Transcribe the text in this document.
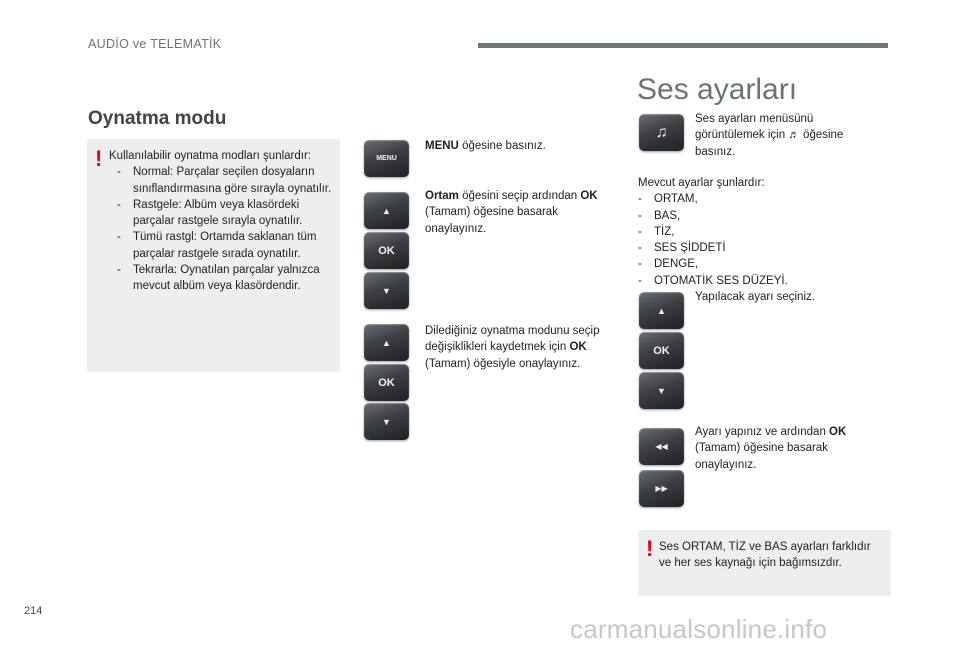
AUDİO ve TELEMATİK
Oynatma modu
! Kullanılabilir oynatma modları şunlardır:
- Normal: Parçalar seçilen dosyaların sınıflandırmasına göre sırayla oynatılır.
- Rastgele: Albüm veya klasördeki parçalar rastgele sırayla oynatılır.
- Tümü rastgl: Ortamda saklanan tüm parçalar rastgele sırada oynatılır.
- Tekrarla: Oynatılan parçalar yalnızca mevcut albüm veya klasördendir.
MENU
▲
OK
▼
▲
OK
▼
MENU öğesine basınız.
Ortam öğesini seçip ardından OK (Tamam) öğesine basarak onaylayınız.
Dilediğiniz oynatma modunu seçip değişiklikleri kaydetmek için OK (Tamam) öğesiyle onaylayınız.
Ses ayarları
♫
Ses ayarları menüsünü görüntülemek için ♬ öğesine basınız.
Mevcut ayarlar şunlardır:
- ORTAM,
- BAS,
- TİZ,
- SES ŞİDDETİ
- DENGE,
- OTOMATİK SES DÜZEYİ.
▲
OK
▼
Yapılacak ayarı seçiniz.
◀◀
▶▶
Ayarı yapınız ve ardından OK (Tamam) öğesine basarak onaylayınız.
! Ses ORTAM, TİZ ve BAS ayarları farklıdır ve her ses kaynağı için bağımsızdır.
214
carmanualsonline.info
